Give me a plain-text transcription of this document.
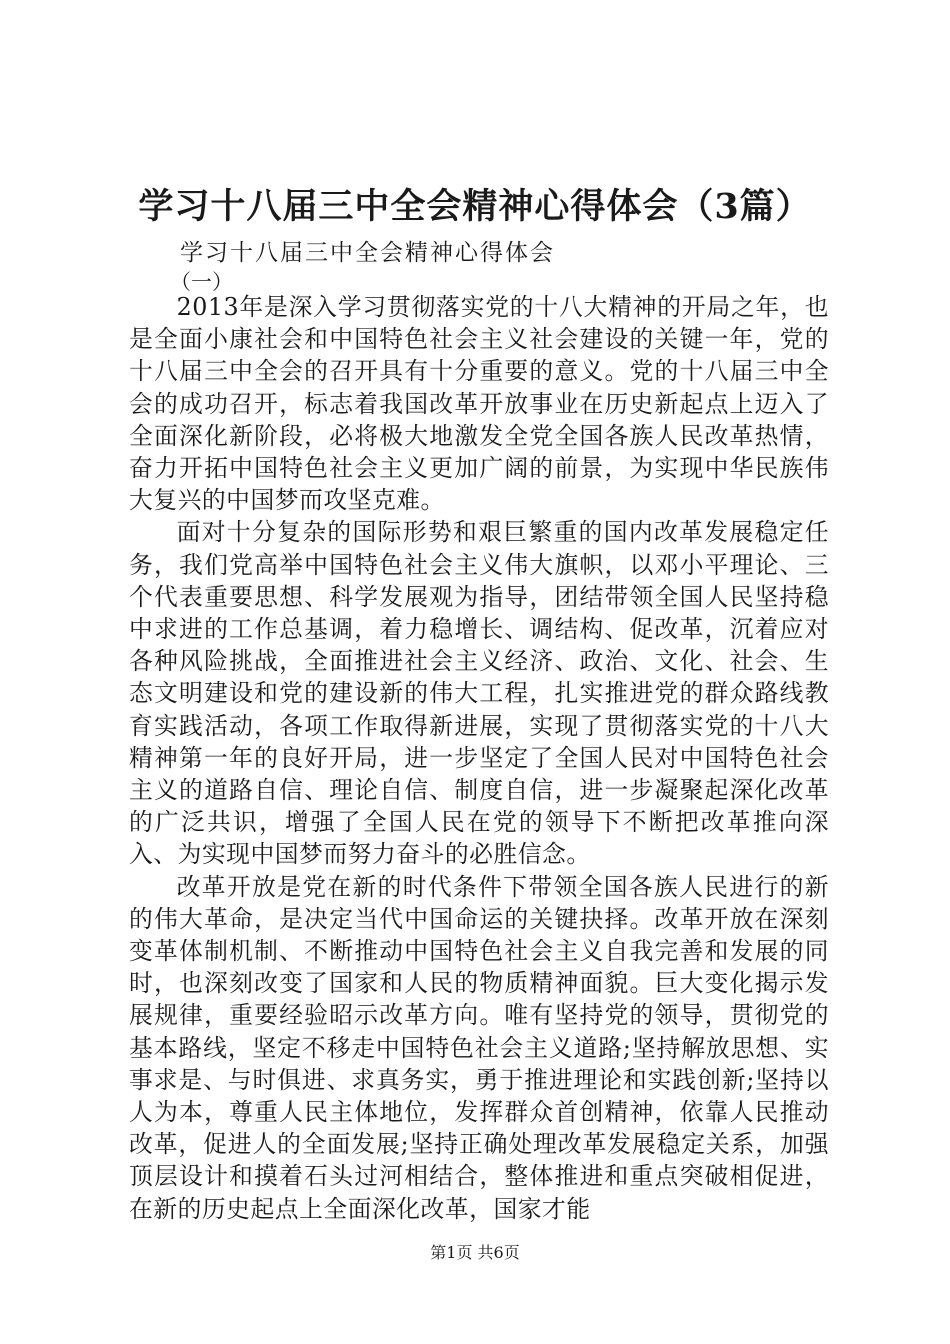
学习十八届三中全会精神心得体会（3篇）

学习十八届三中全会精神心得体会

（一）

2013年是深入学习贯彻落实党的十八大精神的开局之年，也是全面小康社会和中国特色社会主义社会建设的关键一年，党的十八届三中全会的召开具有十分重要的意义。党的十八届三中全会的成功召开，标志着我国改革开放事业在历史新起点上迈入了全面深化新阶段，必将极大地激发全党全国各族人民改革热情，奋力开拓中国特色社会主义更加广阔的前景，为实现中华民族伟大复兴的中国梦而攻坚克难。

面对十分复杂的国际形势和艰巨繁重的国内改革发展稳定任务，我们党高举中国特色社会主义伟大旗帜，以邓小平理论、三个代表重要思想、科学发展观为指导，团结带领全国人民坚持稳中求进的工作总基调，着力稳增长、调结构、促改革，沉着应对各种风险挑战，全面推进社会主义经济、政治、文化、社会、生态文明建设和党的建设新的伟大工程，扎实推进党的群众路线教育实践活动，各项工作取得新进展，实现了贯彻落实党的十八大精神第一年的良好开局，进一步坚定了全国人民对中国特色社会主义的道路自信、理论自信、制度自信，进一步凝聚起深化改革的广泛共识，增强了全国人民在党的领导下不断把改革推向深入、为实现中国梦而努力奋斗的必胜信念。

改革开放是党在新的时代条件下带领全国各族人民进行的新的伟大革命，是决定当代中国命运的关键抉择。改革开放在深刻变革体制机制、不断推动中国特色社会主义自我完善和发展的同时，也深刻改变了国家和人民的物质精神面貌。巨大变化揭示发展规律，重要经验昭示改革方向。唯有坚持党的领导，贯彻党的基本路线，坚定不移走中国特色社会主义道路;坚持解放思想、实事求是、与时俱进、求真务实，勇于推进理论和实践创新;坚持以人为本，尊重人民主体地位，发挥群众首创精神，依靠人民推动改革，促进人的全面发展;坚持正确处理改革发展稳定关系，加强顶层设计和摸着石头过河相结合，整体推进和重点突破相促进，在新的历史起点上全面深化改革，国家才能

第1页 共6页
